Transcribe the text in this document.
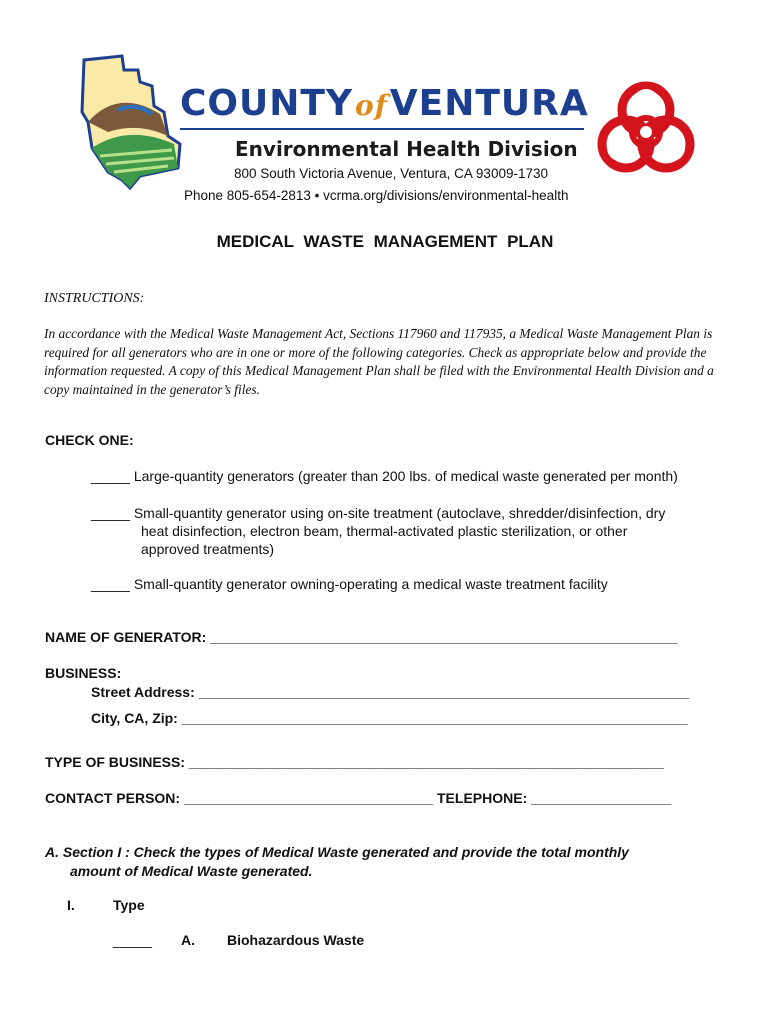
COUNTYofVENTURA
Environmental Health Division
800 South Victoria Avenue, Ventura, CA 93009-1730
Phone 805-654-2813 • vcrma.org/divisions/environmental-health
MEDICAL WASTE MANAGEMENT PLAN
INSTRUCTIONS:
In accordance with the Medical Waste Management Act, Sections 117960 and 117935, a Medical Waste Management Plan is required for all generators who are in one or more of the following categories. Check as appropriate below and provide the information requested. A copy of this Medical Management Plan shall be filed with the Environmental Health Division and a copy maintained in the generator’s files.
CHECK ONE:
_____ Large-quantity generators (greater than 200 lbs. of medical waste generated per month)
_____ Small-quantity generator using on-site treatment (autoclave, shredder/disinfection, dry
heat disinfection, electron beam, thermal-activated plastic sterilization, or other
approved treatments)
_____ Small-quantity generator owning-operating a medical waste treatment facility
NAME OF GENERATOR: ____________________________________________________________
BUSINESS:
Street Address: _______________________________________________________________
City, CA, Zip: _________________________________________________________________
TYPE OF BUSINESS: _____________________________________________________________
CONTACT PERSON: ________________________________ TELEPHONE: __________________
A. Section I : Check the types of Medical Waste generated and provide the total monthly
amount of Medical Waste generated.
I.	Type
_____ A. Biohazardous Waste
